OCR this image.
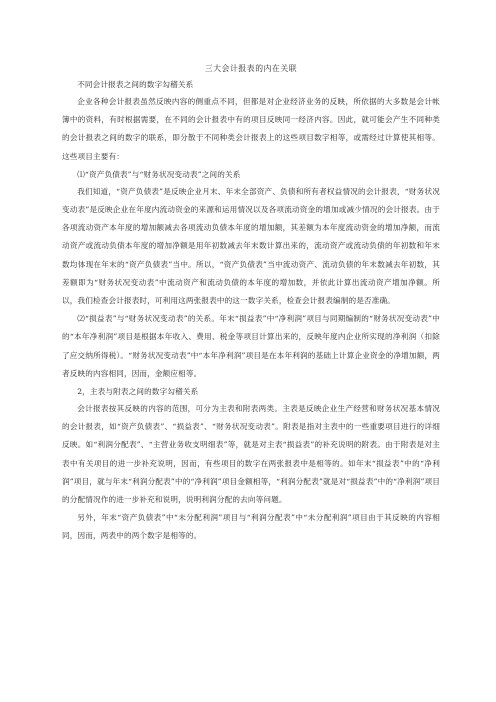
三大会计报表的内在关联

不同会计报表之间的数字勾稽关系

企业各种会计报表虽然反映内容的侧重点不同，但都是对企业经济业务的反映，所依据的大多数是会计帐簿中的资料，有时根据需要，在不同的会计报表中有的项目反映同一经济内容。因此，就可能会产生不同种类的会计报表之间的数字的联系，即分散于不同种类会计报表上的这些项目数字相等，或需经过计算使其相等。这些项目主要有：

⑴“资产负债表”与“财务状况变动表”之间的关系

我们知道，“资产负债表”是反映企业月末、年末全部资产、负债和所有者权益情况的会计报表，“财务状况变动表”是反映企业在年度内流动资金的来源和运用情况以及各项流动资金的增加或减少情况的会计报表。由于各项流动资产本年度的增加额减去各项流动负债本年度的增加额，其差额为本年度流动资金的增加净额，而流动资产或流动负债本年度的增加净额是用年初数减去年末数计算出来的，流动资产或流动负债的年初数和年末数均体现在年末的“资产负债表”当中。所以，“资产负债表”当中流动资产、流动负债的年末数减去年初数，其差额即为“财务状况变动表”中流动资产和流动负债的本年度的增加数，并依此计算出流动资产增加净额。所以，我们检查会计报表时，可利用这两张报表中的这一数字关系，检查会计报表编制的是否准确。

⑵“损益表”与“财务状况变动表”的关系。年末“损益表”中“净利润”项目与同期编制的“财务状况变动表”中的“本年净利润”项目是根据本年收入、费用、税金等项目计算出来的，反映年度内企业所实现的净利润（扣除了应交纳所得税）。“财务状况变动表”中“本年净利润”项目是在本年利润的基础上计算企业资金的净增加额，两者反映的内容相同，因而，金额应相等。

2，主表与附表之间的数字勾稽关系

会计报表按其反映的内容的范围，可分为主表和附表两类。主表是反映企业生产经营和财务状况基本情况的会计报表，如“资产负债表”、“损益表”、“财务状况变动表”。附表是指对主表中的一些重要项目进行的详细反映。如“利润分配表”、“主营业务收支明细表”等，就是对主表“损益表”的补充说明的附表。由于附表是对主表中有关项目的进一步补充说明，因而，有些项目的数字在两张报表中是相等的。如年末“损益表”中的“净利润”项目，就与年末“利润分配表”中的“净利润”项目金额相等，“利润分配表”就是对“损益表”中的“净利润”项目的分配情况作的进一步补充和说明，说明利润分配的去向等问题。

另外，年末“资产负债表”中“未分配利润”项目与“利润分配表”中“未分配利润”项目由于其反映的内容相同，因而，两表中的两个数字是相等的。
